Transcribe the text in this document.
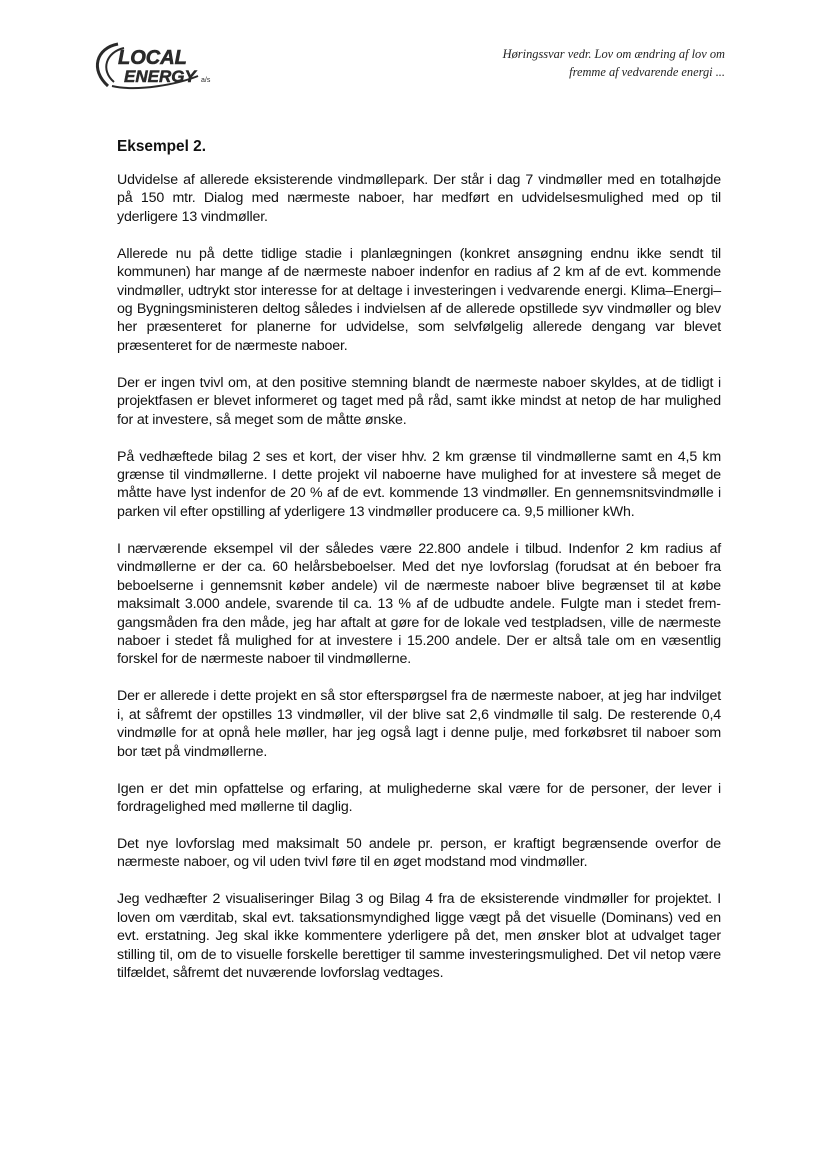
LOCAL
ENERGY a/s
Høringssvar vedr. Lov om ændring af lov om
fremme af vedvarende energi ...
Eksempel 2.

Udvidelse af allerede eksisterende vindmøllepark. Der står i dag 7 vindmøller med en totalhøjde på 150 mtr. Dialog med nærmeste naboer, har medført en udvidelsesmulighed med op til yderligere 13 vindmøller.

Allerede nu på dette tidlige stadie i planlægningen (konkret ansøgning endnu ikke sendt til kommunen) har mange af de nærmeste naboer indenfor en radius af 2 km af de evt. kommende vindmøller, udtrykt stor interesse for at deltage i investeringen i vedvarende energi. Klima–Energi– og Bygningsministeren deltog således i indvielsen af de allerede opstillede syv vindmøller og blev her præsenteret for planerne for udvidelse, som selvfølgelig allerede dengang var blevet præsenteret for de nærmeste naboer.

Der er ingen tvivl om, at den positive stemning blandt de nærmeste naboer skyldes, at de tidligt i projektfasen er blevet informeret og taget med på råd, samt ikke mindst at netop de har mulighed for at investere, så meget som de måtte ønske.

På vedhæftede bilag 2 ses et kort, der viser hhv. 2 km grænse til vindmøllerne samt en 4,5 km grænse til vindmøllerne. I dette projekt vil naboerne have mulighed for at investere så meget de måtte have lyst indenfor de 20 % af de evt. kommende 13 vindmøller. En gennemsnitsvindmølle i parken vil efter opstilling af yderligere 13 vindmøller producere ca. 9,5 millioner kWh.

I nærværende eksempel vil der således være 22.800 andele i tilbud. Indenfor 2 km radius af vindmøllerne er der ca. 60 helårsbeboelser. Med det nye lovforslag (forudsat at én beboer fra beboelserne i gennemsnit køber andele) vil de nærmeste naboer blive begrænset til at købe maksimalt 3.000 andele, svarende til ca. 13 % af de udbudte andele. Fulgte man i stedet fremgangsmåden fra den måde, jeg har aftalt at gøre for de lokale ved testpladsen, ville de nærmeste naboer i stedet få mulighed for at investere i 15.200 andele. Der er altså tale om en væsentlig forskel for de nærmeste naboer til vindmøllerne.

Der er allerede i dette projekt en så stor efterspørgsel fra de nærmeste naboer, at jeg har indvilget i, at såfremt der opstilles 13 vindmøller, vil der blive sat 2,6 vindmølle til salg. De resterende 0,4 vindmølle for at opnå hele møller, har jeg også lagt i denne pulje, med forkøbsret til naboer som bor tæt på vindmøllerne.

Igen er det min opfattelse og erfaring, at mulighederne skal være for de personer, der lever i fordragelighed med møllerne til daglig.

Det nye lovforslag med maksimalt 50 andele pr. person, er kraftigt begrænsende overfor de nærmeste naboer, og vil uden tvivl føre til en øget modstand mod vindmøller.

Jeg vedhæfter 2 visualiseringer Bilag 3 og Bilag 4 fra de eksisterende vindmøller for projektet. I loven om værditab, skal evt. taksationsmyndighed ligge vægt på det visuelle (Dominans) ved en evt. erstatning. Jeg skal ikke kommentere yderligere på det, men ønsker blot at udvalget tager stilling til, om de to visuelle forskelle berettiger til samme investeringsmulighed. Det vil netop være tilfældet, såfremt det nuværende lovforslag vedtages.
